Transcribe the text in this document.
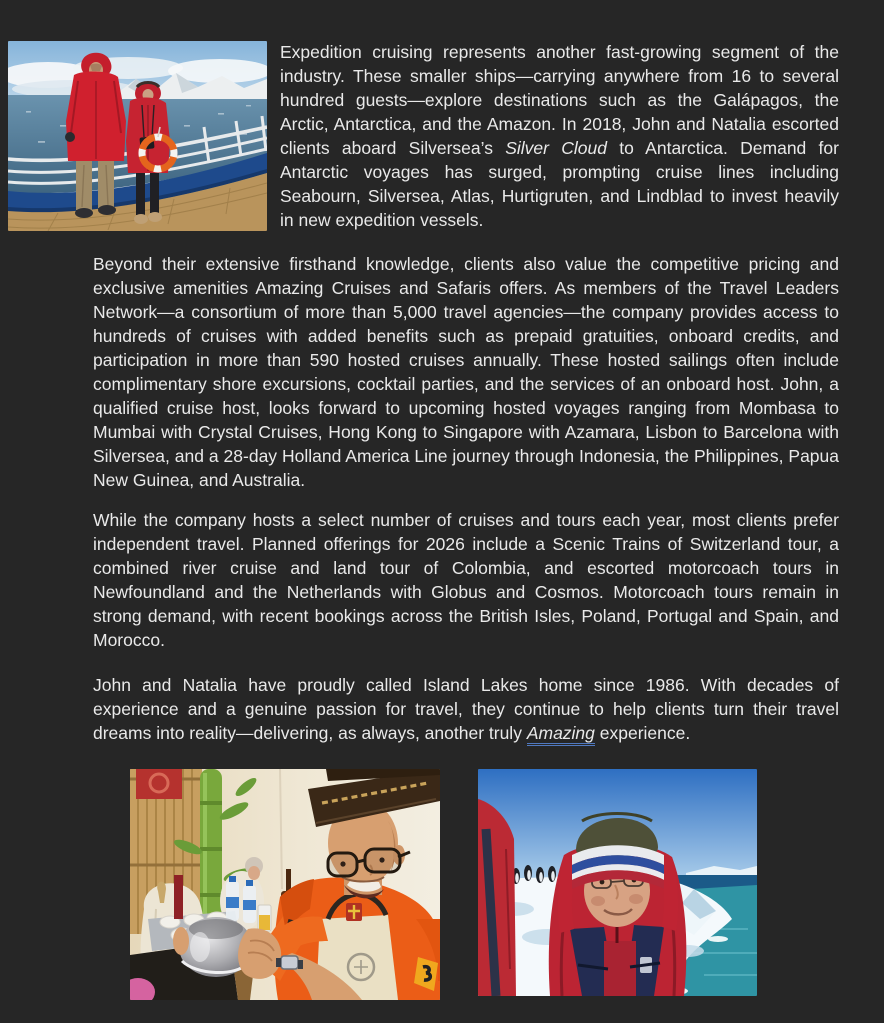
Expedition cruising represents another fast-growing segment of the industry. These smaller ships—carrying anywhere from 16 to several hundred guests—explore destinations such as the Galápagos, the Arctic, Antarctica, and the Amazon. In 2018, John and Natalia escorted clients aboard Silversea’s Silver Cloud to Antarctica. Demand for Antarctic voyages has surged, prompting cruise lines including Seabourn, Silversea, Atlas, Hurtigruten, and Lindblad to invest heavily in new expedition vessels.

Beyond their extensive firsthand knowledge, clients also value the competitive pricing and exclusive amenities Amazing Cruises and Safaris offers. As members of the Travel Leaders Network—a consortium of more than 5,000 travel agencies—the company provides access to hundreds of cruises with added benefits such as prepaid gratuities, onboard credits, and participation in more than 590 hosted cruises annually. These hosted sailings often include complimentary shore excursions, cocktail parties, and the services of an onboard host. John, a qualified cruise host, looks forward to upcoming hosted voyages ranging from Mombasa to Mumbai with Crystal Cruises, Hong Kong to Singapore with Azamara, Lisbon to Barcelona with Silversea, and a 28-day Holland America Line journey through Indonesia, the Philippines, Papua New Guinea, and Australia.

While the company hosts a select number of cruises and tours each year, most clients prefer independent travel. Planned offerings for 2026 include a Scenic Trains of Switzerland tour, a combined river cruise and land tour of Colombia, and escorted motorcoach tours in Newfoundland and the Netherlands with Globus and Cosmos. Motorcoach tours remain in strong demand, with recent bookings across the British Isles, Poland, Portugal and Spain, and Morocco.

John and Natalia have proudly called Island Lakes home since 1986. With decades of experience and a genuine passion for travel, they continue to help clients turn their travel dreams into reality—delivering, as always, another truly Amazing experience.
